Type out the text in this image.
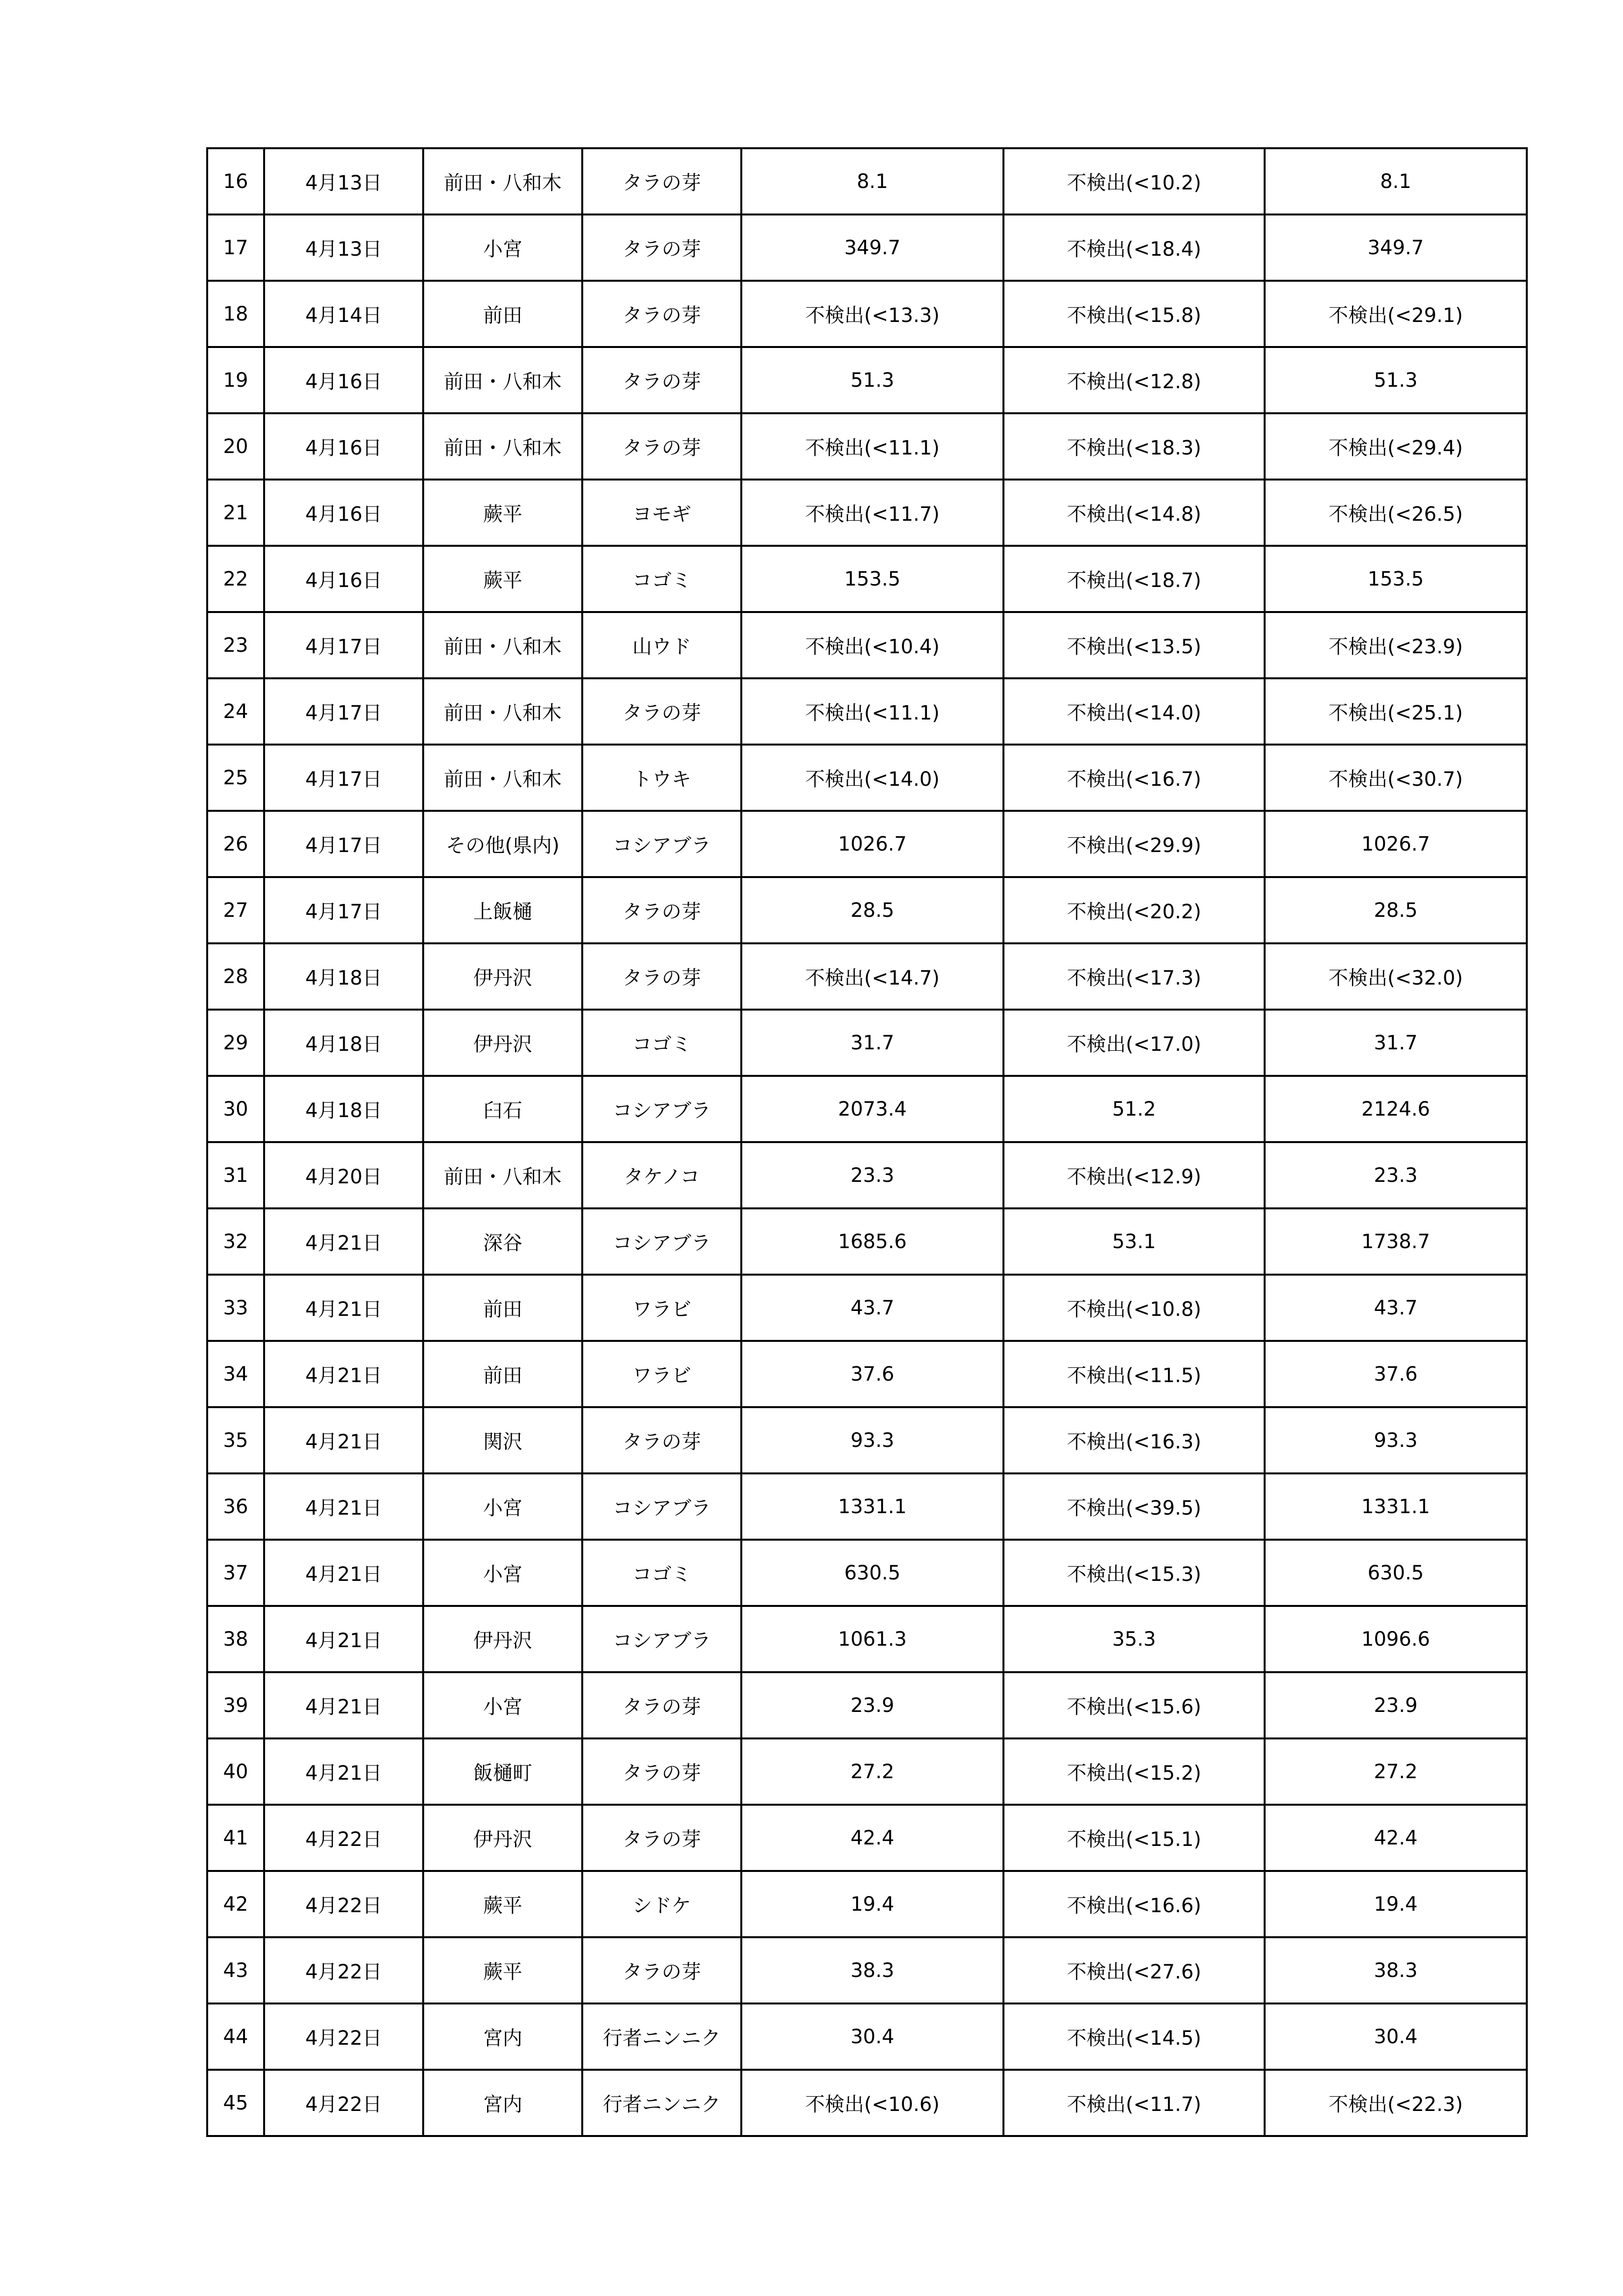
16	4月13日	前田・八和木	タラの芽	8.1	不検出(<10.2)	8.1
17	4月13日	小宮	タラの芽	349.7	不検出(<18.4)	349.7
18	4月14日	前田	タラの芽	不検出(<13.3)	不検出(<15.8)	不検出(<29.1)
19	4月16日	前田・八和木	タラの芽	51.3	不検出(<12.8)	51.3
20	4月16日	前田・八和木	タラの芽	不検出(<11.1)	不検出(<18.3)	不検出(<29.4)
21	4月16日	蕨平	ヨモギ	不検出(<11.7)	不検出(<14.8)	不検出(<26.5)
22	4月16日	蕨平	コゴミ	153.5	不検出(<18.7)	153.5
23	4月17日	前田・八和木	山ウド	不検出(<10.4)	不検出(<13.5)	不検出(<23.9)
24	4月17日	前田・八和木	タラの芽	不検出(<11.1)	不検出(<14.0)	不検出(<25.1)
25	4月17日	前田・八和木	トウキ	不検出(<14.0)	不検出(<16.7)	不検出(<30.7)
26	4月17日	その他(県内)	コシアブラ	1026.7	不検出(<29.9)	1026.7
27	4月17日	上飯樋	タラの芽	28.5	不検出(<20.2)	28.5
28	4月18日	伊丹沢	タラの芽	不検出(<14.7)	不検出(<17.3)	不検出(<32.0)
29	4月18日	伊丹沢	コゴミ	31.7	不検出(<17.0)	31.7
30	4月18日	臼石	コシアブラ	2073.4	51.2	2124.6
31	4月20日	前田・八和木	タケノコ	23.3	不検出(<12.9)	23.3
32	4月21日	深谷	コシアブラ	1685.6	53.1	1738.7
33	4月21日	前田	ワラビ	43.7	不検出(<10.8)	43.7
34	4月21日	前田	ワラビ	37.6	不検出(<11.5)	37.6
35	4月21日	関沢	タラの芽	93.3	不検出(<16.3)	93.3
36	4月21日	小宮	コシアブラ	1331.1	不検出(<39.5)	1331.1
37	4月21日	小宮	コゴミ	630.5	不検出(<15.3)	630.5
38	4月21日	伊丹沢	コシアブラ	1061.3	35.3	1096.6
39	4月21日	小宮	タラの芽	23.9	不検出(<15.6)	23.9
40	4月21日	飯樋町	タラの芽	27.2	不検出(<15.2)	27.2
41	4月22日	伊丹沢	タラの芽	42.4	不検出(<15.1)	42.4
42	4月22日	蕨平	シドケ	19.4	不検出(<16.6)	19.4
43	4月22日	蕨平	タラの芽	38.3	不検出(<27.6)	38.3
44	4月22日	宮内	行者ニンニク	30.4	不検出(<14.5)	30.4
45	4月22日	宮内	行者ニンニク	不検出(<10.6)	不検出(<11.7)	不検出(<22.3)
